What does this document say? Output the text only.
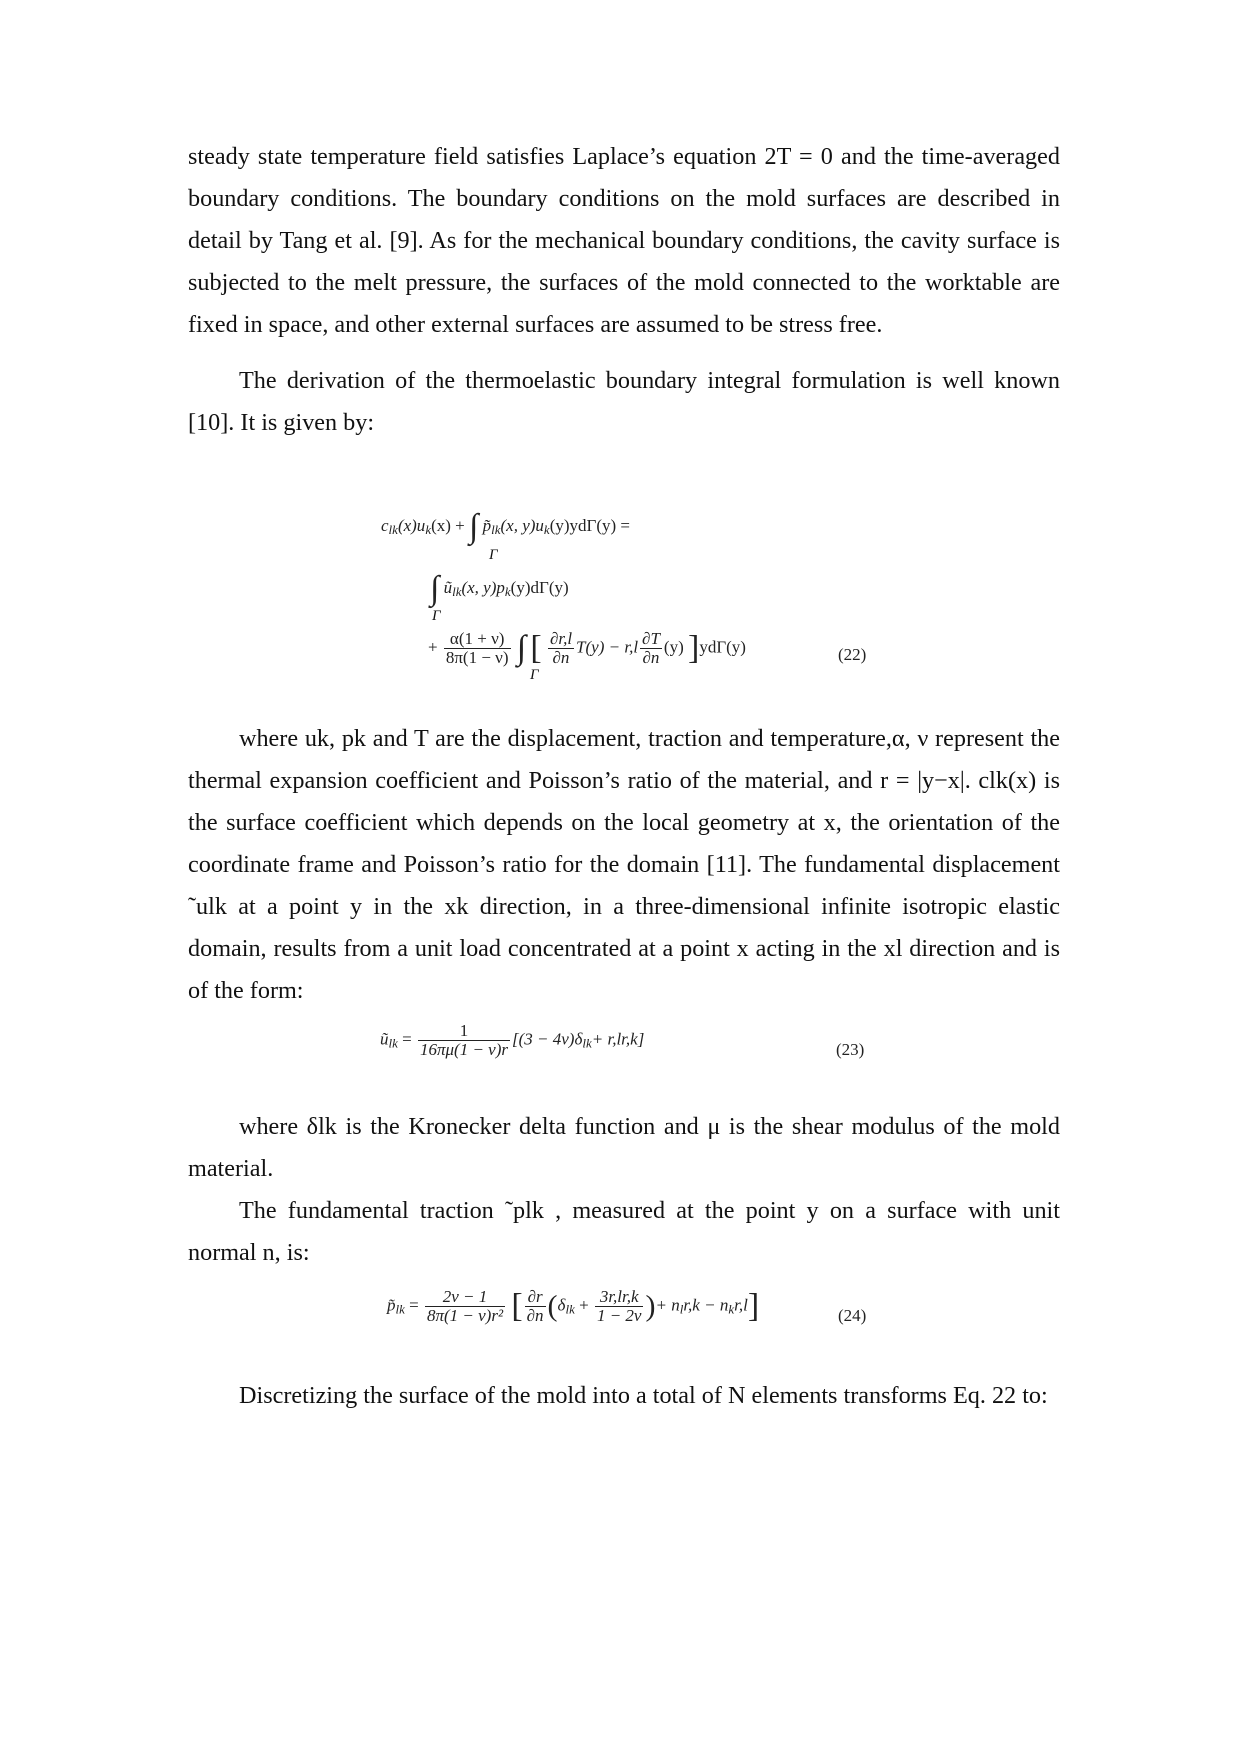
steady state temperature field satisfies Laplace’s equation 2T = 0 and the time-averaged boundary conditions. The boundary conditions on the mold surfaces are described in detail by Tang et al. [9]. As for the mechanical boundary conditions, the cavity surface is subjected to the melt pressure, the surfaces of the mold connected to the worktable are fixed in space, and other external surfaces are assumed to be stress free.

The derivation of the thermoelastic boundary integral formulation is well known [10]. It is given by:

$c_{lk}(x)u_k(x)$ + ∫ $p̃_{lk}(x$, $y)u_k(y)yd\Gamma(y)$ =
Γ
∫ $ũ_{lk}(x$, $y)p_k(y)d\Gamma(y)$
Γ
+ $\frac{\alpha(1 + \nu)}{8\pi(1 - \nu)}$ ∫ [ $\frac{\partial r,l}{\partial n} T(y) - r,l \frac{\partial T}{\partial n} (y)$ ]ydΓ(y)
Γ
(22)

where uk, pk and T are the displacement, traction and temperature,α, ν represent the thermal expansion coefficient and Poisson’s ratio of the material, and r = |y−x|. clk(x) is the surface coefficient which depends on the local geometry at x, the orientation of the coordinate frame and Poisson’s ratio for the domain [11]. The fundamental displacement ˜ulk at a point y in the xk direction, in a three-dimensional infinite isotropic elastic domain, results from a unit load concentrated at a point x acting in the xl direction and is of the form:

$ũ_{lk} = \frac{1}{16\pi\mu(1 - \nu)r} [(3 - 4\nu)\delta_{lk}+ r,lr,k]$
(23)

where δlk is the Kronecker delta function and μ is the shear modulus of the mold material.

The fundamental traction ˜plk , measured at the point y on a surface with unit normal n, is:

$p̃_{lk} = \frac{2\nu - 1}{\text{8π(1 − ν)r²}}$ [ $\frac{\partial r}{\partial n} (\delta_{lk} + \frac{3r,lr,k}{1 - 2\nu}$ )+ $n_lr,k - n_kr,l$]	(24)

Discretizing the surface of the mold into a total of N elements transforms Eq. 22 to:
